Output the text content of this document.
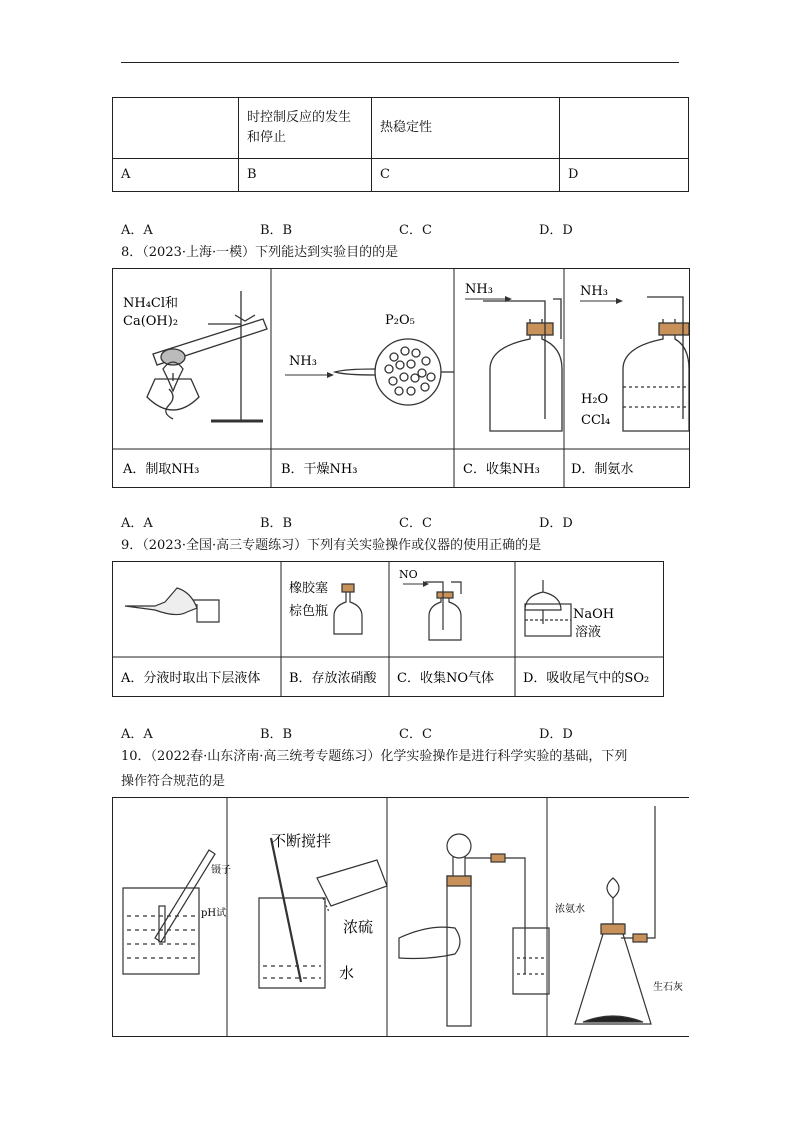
	时控制反应的发生和停止	热稳定性	
A	B	C	D
A．A	B．B	C．C	D．D
8．（2023·上海·一模）下列能达到实验目的的是
NH₄Cl和
Ca(OH)₂
NH₃
P₂O₅
NH₃	NH₃
H₂O
CCl₄
A．制取NH₃	B．干燥NH₃	C．收集NH₃ D．制氨水
A．A	B．B	C．C	D．D
9．（2023·全国·高三专题练习）下列有关实验操作或仪器的使用正确的是
橡胶塞
棕色瓶
NO
NaOH
溶液
A．分液时取出下层液体 B．存放浓硝酸 C．收集NO气体 D．吸收尾气中的SO₂
A．A	B．B	C．C	D．D
10．（2022春·山东济南·高三统考专题练习）化学实验操作是进行科学实验的基础，下列
操作符合规范的是
镊子
pH试
不断搅拌
浓硫
水
浓氨水
生石灰
